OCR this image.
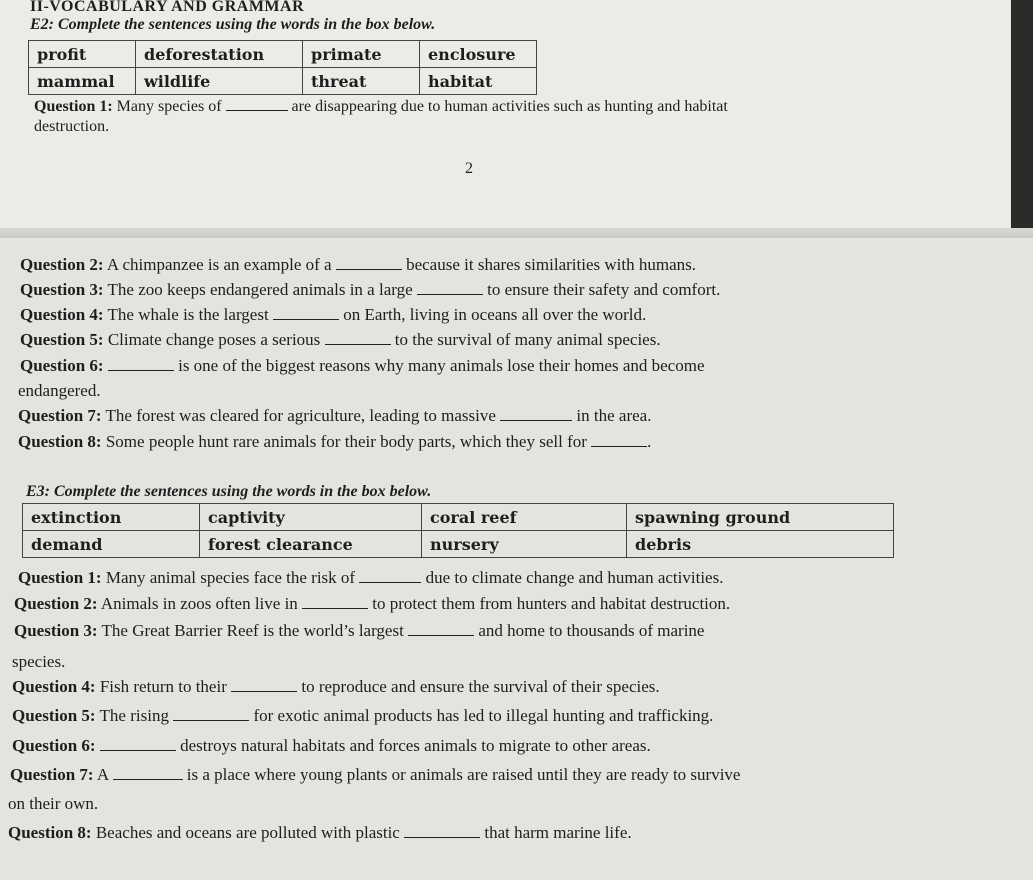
II-VOCABULARY AND GRAMMAR
E2: Complete the sentences using the words in the box below.
profit	deforestation	primate	enclosure
mammal	wildlife	threat	habitat
Question 1: Many species of	are disappearing due to human activities such as hunting and habitat
destruction.
2
Question 2: A chimpanzee is an example of a	because it shares similarities with humans.
Question 3: The zoo keeps endangered animals in a large	to ensure their safety and comfort.
Question 4: The whale is the largest	on Earth, living in oceans all over the world.
Question 5: Climate change poses a serious	to the survival of many animal species.
Question 6:	is one of the biggest reasons why many animals lose their homes and become
endangered.
Question 7: The forest was cleared for agriculture, leading to massive	in the area.
Question 8: Some people hunt rare animals for their body parts, which they sell for	.
E3: Complete the sentences using the words in the box below.
extinction	captivity	coral reef	spawning ground
demand	forest clearance	nursery	debris
Question 1: Many animal species face the risk of	due to climate change and human activities.
Question 2: Animals in zoos often live in	to protect them from hunters and habitat destruction.
Question 3: The Great Barrier Reef is the world’s largest	and home to thousands of marine
species.
Question 4: Fish return to their	to reproduce and ensure the survival of their species.
Question 5: The rising	for exotic animal products has led to illegal hunting and trafficking.
Question 6:	destroys natural habitats and forces animals to migrate to other areas.
Question 7: A	is a place where young plants or animals are raised until they are ready to survive
on their own.
Question 8: Beaches and oceans are polluted with plastic	that harm marine life.
